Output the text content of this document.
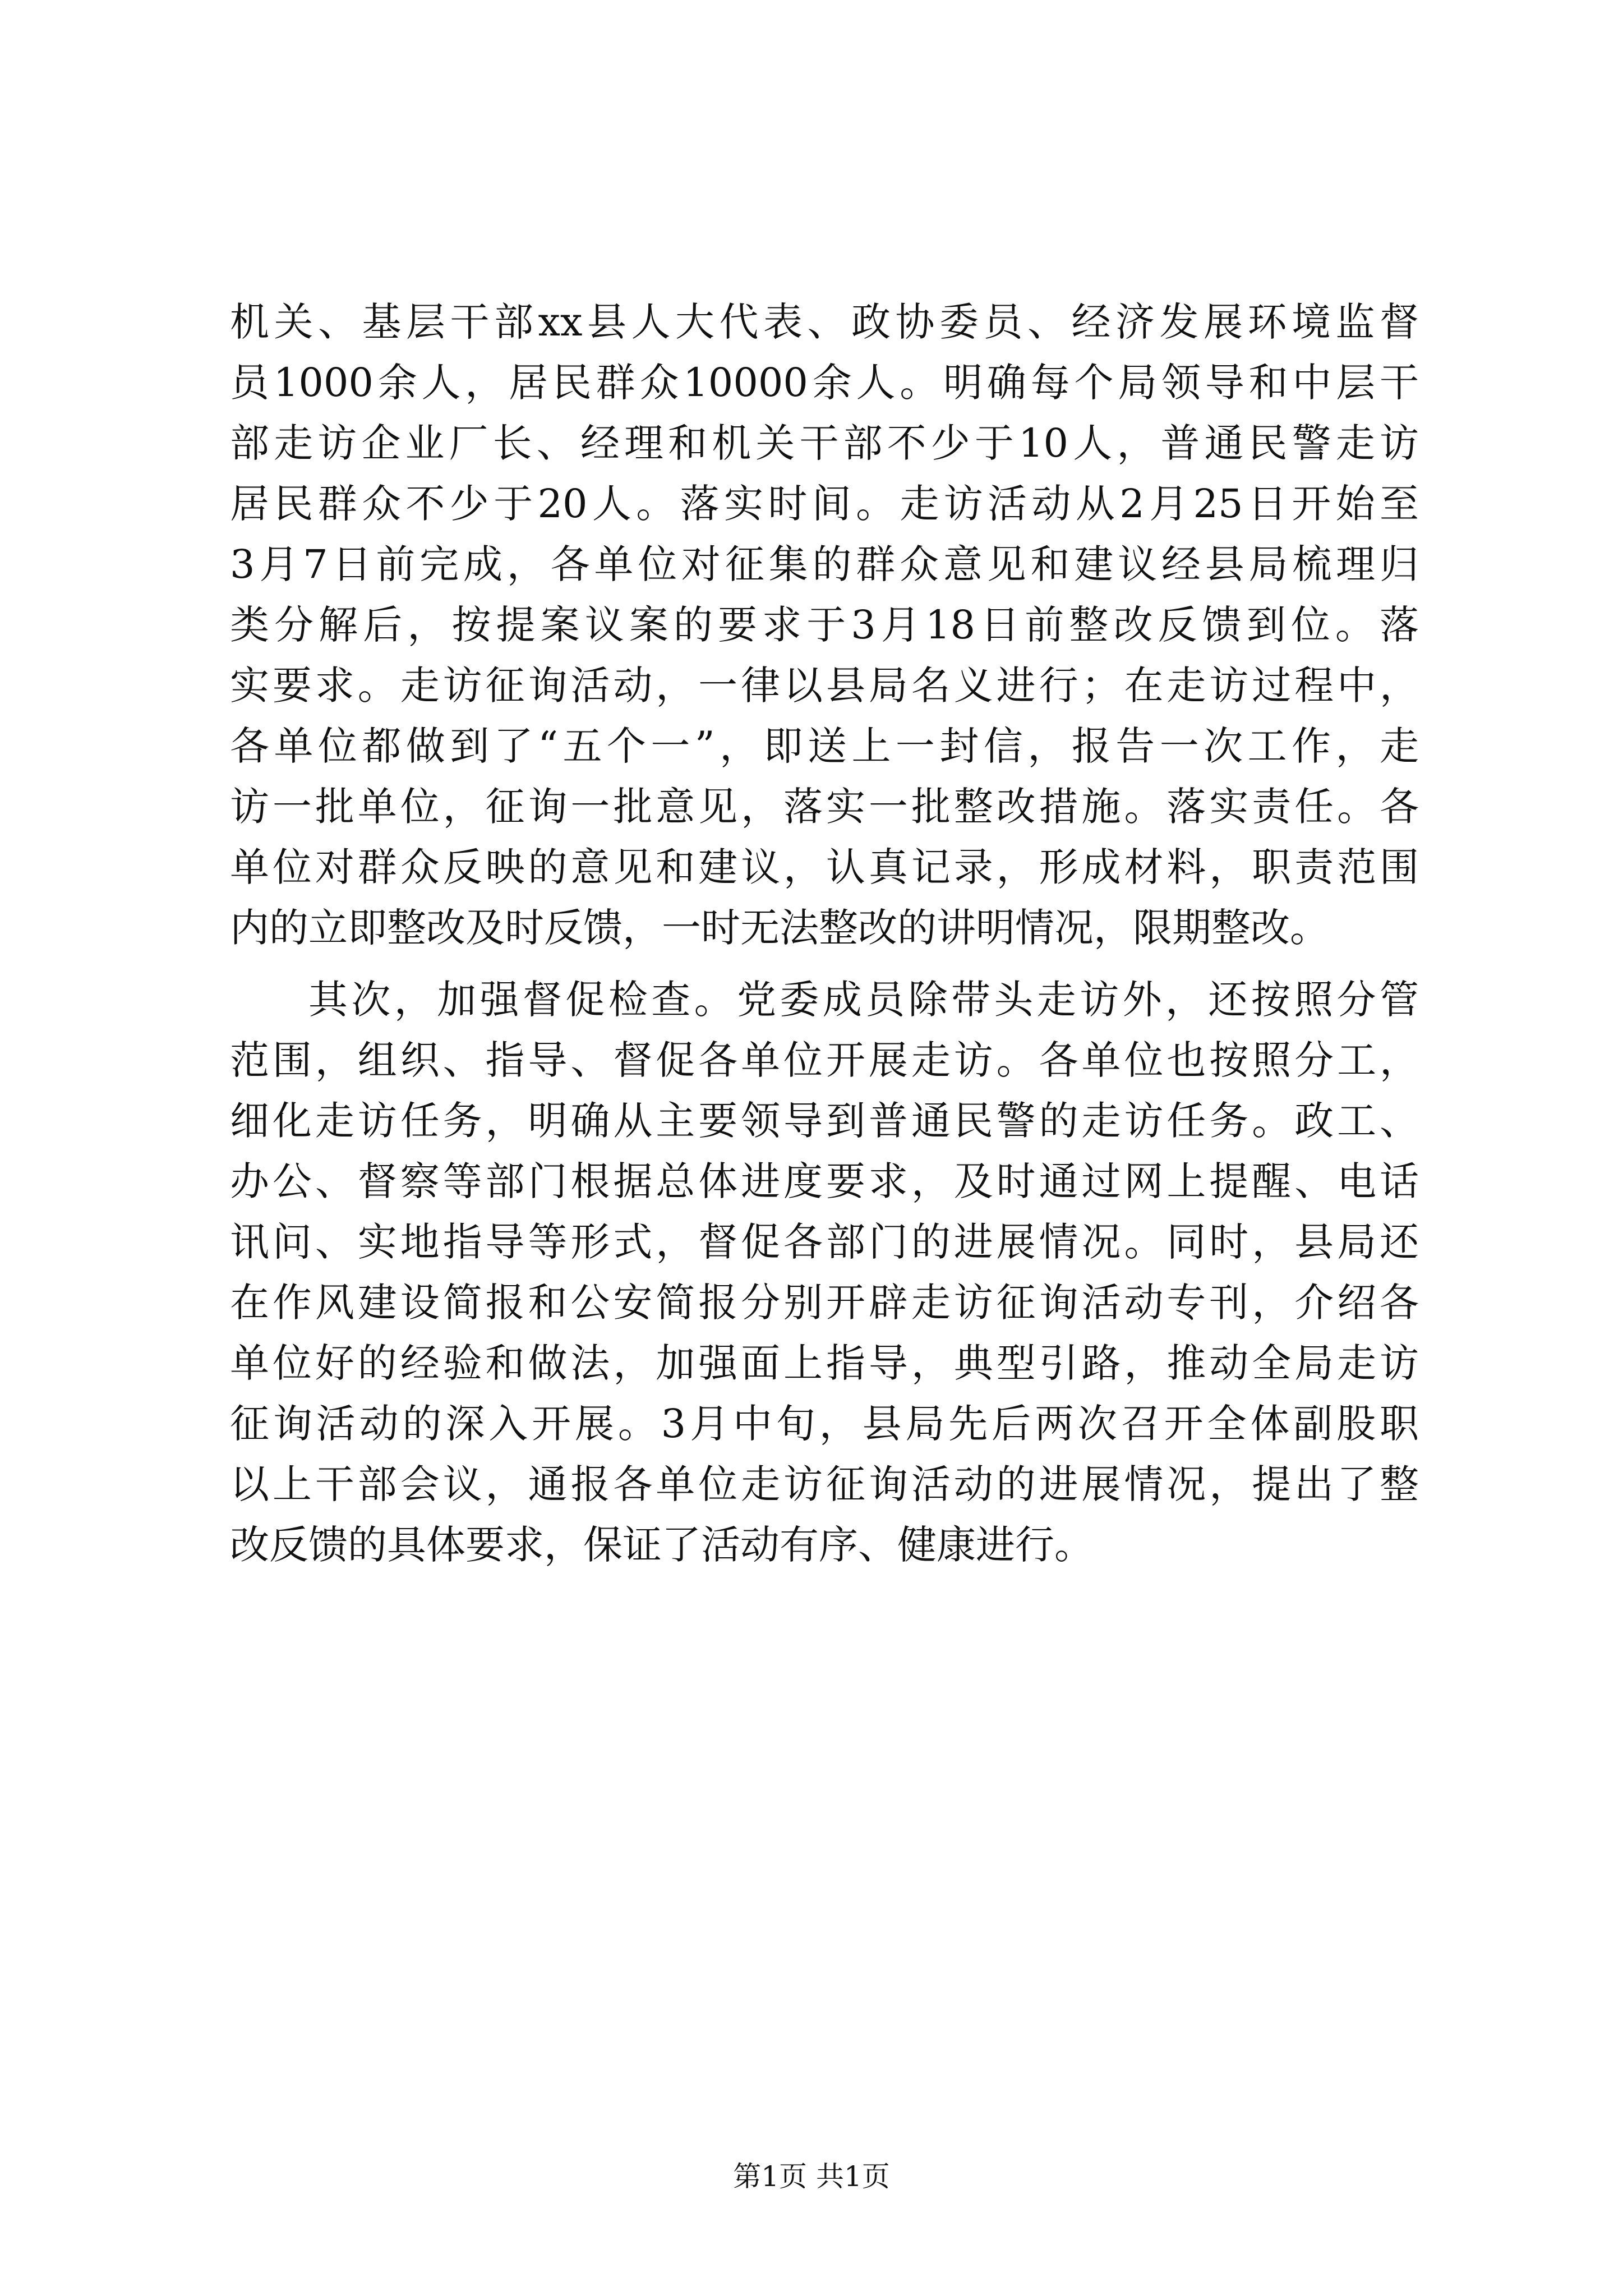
机关、基层干部xx县人大代表、政协委员、经济发展环境监督
员1000余人，居民群众10000余人。明确每个局领导和中层干
部走访企业厂长、经理和机关干部不少于10人，普通民警走访
居民群众不少于20人。落实时间。走访活动从2月25日开始至
3月7日前完成，各单位对征集的群众意见和建议经县局梳理归
类分解后，按提案议案的要求于3月18日前整改反馈到位。落
实要求。走访征询活动，一律以县局名义进行；在走访过程中，
各单位都做到了“五个一”，即送上一封信，报告一次工作，走
访一批单位，征询一批意见，落实一批整改措施。落实责任。各
单位对群众反映的意见和建议，认真记录，形成材料，职责范围
内的立即整改及时反馈，一时无法整改的讲明情况，限期整改。
其次，加强督促检查。党委成员除带头走访外，还按照分管
范围，组织、指导、督促各单位开展走访。各单位也按照分工，
细化走访任务，明确从主要领导到普通民警的走访任务。政工、
办公、督察等部门根据总体进度要求，及时通过网上提醒、电话
讯问、实地指导等形式，督促各部门的进展情况。同时，县局还
在作风建设简报和公安简报分别开辟走访征询活动专刊，介绍各
单位好的经验和做法，加强面上指导，典型引路，推动全局走访
征询活动的深入开展。3月中旬，县局先后两次召开全体副股职
以上干部会议，通报各单位走访征询活动的进展情况，提出了整
改反馈的具体要求，保证了活动有序、健康进行。
第1页 共1页
